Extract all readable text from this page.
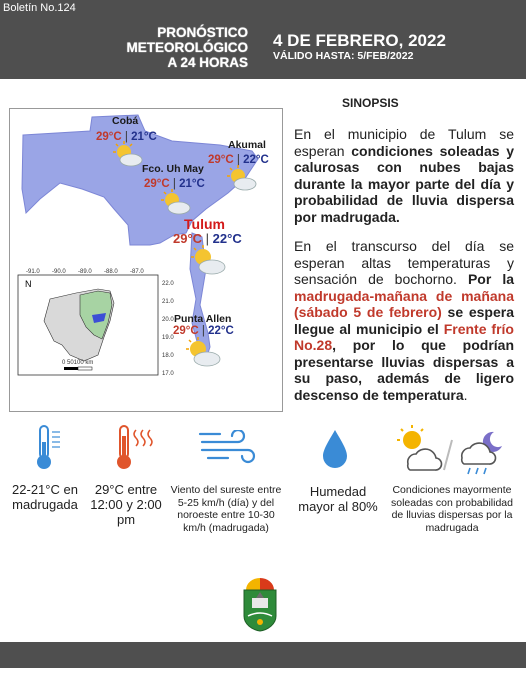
Boletín No.124
PRONÓSTICO
METEOROLÓGICO
A 24 HORAS
4 DE FEBRERO, 2022
VÁLIDO HASTA: 5/FEB/2022
N
-91.0 -90.0 -89.0 -88.0 -87.0
22.0
21.0
20.0
19.0
18.0
17.0
0 50100 km
Cobá
29°C | 21°C
Akumal
29°C | 22°C
Fco. Uh May
29°C | 21°C
Tulum
29°C | 22°C
Punta Allen
29°C | 22°C
SINOPSIS
En el municipio de Tulum se esperan condiciones soleadas y calurosas con nubes bajas durante la mayor parte del día y probabilidad de lluvia dispersa por madrugada.
En el transcurso del día se esperan altas temperaturas y sensación de bochorno. Por la madrugada-mañana de mañana (sábado 5 de febrero) se espera llegue al municipio el Frente frío No.28, por lo que podrían presentarse lluvias dispersas a su paso, además de ligero descenso de temperatura.
22-21°C en madrugada
29°C entre 12:00 y 2:00 pm
Viento del sureste entre 5-25 km/h (día) y del noroeste entre 10-30 km/h (madrugada)
Humedad mayor al 80%
Condiciones mayormente soleadas con probabilidad de lluvias dispersas por la madrugada
